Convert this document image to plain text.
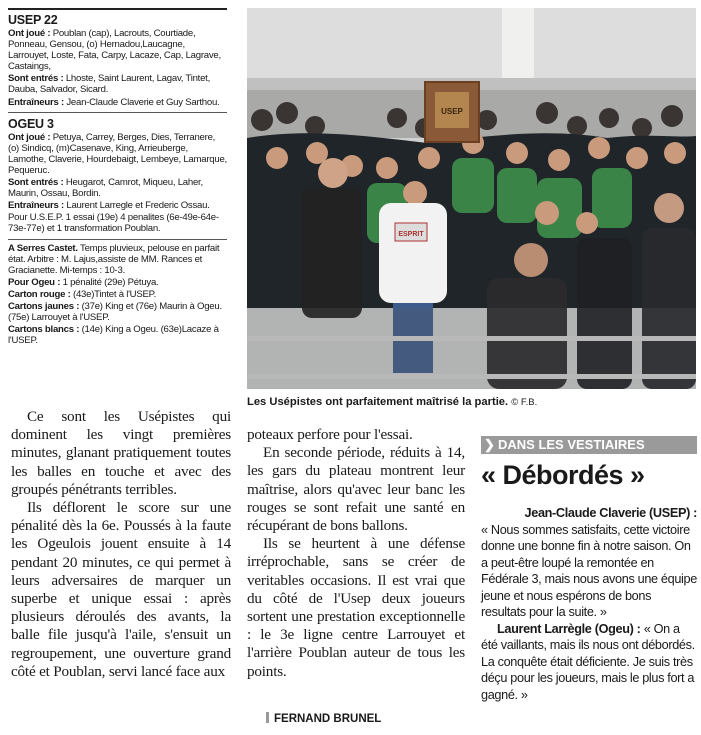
USEP 22

Ont joué : Poublan (cap), Lacrouts, Courtiade, Ponneau, Gensou, (o) Hernadou,Laucagne, Larrouyet, Loste, Fata, Carpy, Lacaze, Cap, Lagrave, Castaings,

Sont entrés : Lhoste, Saint Laurent, Lagav, Tintet, Dauba, Salvador, Sicard.

Entraîneurs : Jean-Claude Claverie et Guy Sarthou.

OGEU 3

Ont joué : Petuya, Carrey, Berges, Dies, Terranere, (o) Sindicq, (m)Casenave, King, Arrieuberge, Lamothe, Claverie, Hourdebaigt, Lembeye, Lamarque, Pequeruc.

Sont entrés : Heugarot, Camrot, Miqueu, Laher, Maurin, Ossau, Bordin.

Entraîneurs : Laurent Larregle et Frederic Ossau.

Pour U.S.E.P. 1 essai (19e) 4 penalites (6e-49e-64e-73e-77e) et 1 transformation Poublan.

A Serres Castet. Temps pluvieux, pelouse en parfait état. Arbitre : M. Lajus,assiste de MM. Rances et Gracianette. Mi-temps : 10-3.

Pour Ogeu : 1 pénalité (29e) Pétuya.

Carton rouge : (43e)Tintet à l'USEP.

Cartons jaunes : (37e) King et (76e) Maurin à Ogeu. (75e) Larrouyet à l'USEP.

Cartons blancs : (14e) King a Ogeu. (63e)Lacaze à l'USEP.

USEP
ESPRIT
Les Usépistes ont parfaitement maîtrisé la partie. © F.B.

Ce sont les Usépistes qui dominent les vingt premières minutes, glanant pratiquement toutes les balles en touche et avec des groupés pénétrants terribles.

Ils déflorent le score sur une pénalité dès la 6e. Poussés à la faute les Ogeulois jouent ensuite à 14 pendant 20 minutes, ce qui permet à leurs adversaires de marquer un superbe et unique essai : après plusieurs déroulés des avants, la balle file jusqu'à l'aile, s'ensuit un regroupement, une ouverture grand côté et Poublan, servi lancé face aux

poteaux perfore pour l'essai.

En seconde période, réduits à 14, les gars du plateau montrent leur maîtrise, alors qu'avec leur banc les rouges se sont refait une santé en récupérant de bons ballons.

Ils se heurtent à une défense irréprochable, sans se créer de veritables occasions. Il est vrai que du côté de l'Usep deux joueurs sortent une prestation exceptionnelle : le 3e ligne centre Larrouyet et l'arrière Poublan auteur de tous les points.

FERNAND BRUNEL
❯ DANS LES VESTIAIRES
« Débordés »

Jean-Claude Claverie (USEP) :

« Nous sommes satisfaits, cette victoire donne une bonne fin à notre saison. On a peut-être loupé la remontée en Fédérale 3, mais nous avons une équipe jeune et nous espérons de bons resultats pour la suite. »

Laurent Larrègle (Ogeu) : « On a été vaillants, mais ils nous ont débordés. La conquête était déficiente. Je suis très déçu pour les joueurs, mais le plus fort a gagné. »
